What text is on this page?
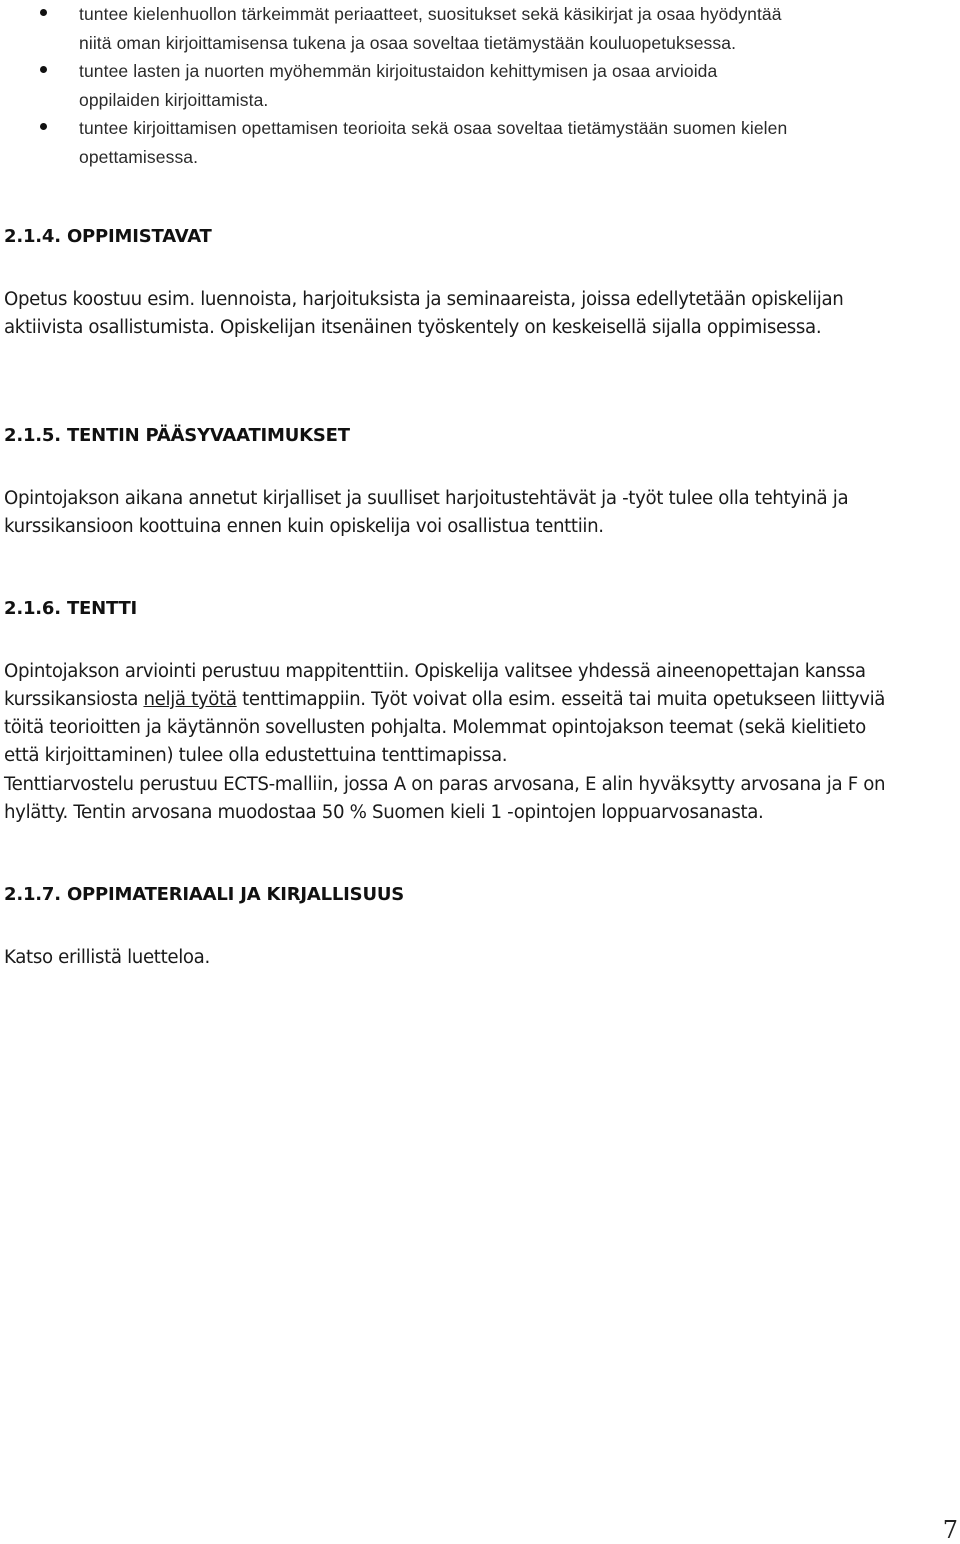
tuntee kielenhuollon tärkeimmät periaatteet, suositukset sekä käsikirjat ja osaa hyödyntää
niitä oman kirjoittamisensa tukena ja osaa soveltaa tietämystään kouluopetuksessa.
tuntee lasten ja nuorten myöhemmän kirjoitustaidon kehittymisen ja osaa arvioida
oppilaiden kirjoittamista.
tuntee kirjoittamisen opettamisen teorioita sekä osaa soveltaa tietämystään suomen kielen
opettamisessa.
2.1.4. OPPIMISTAVAT
Opetus koostuu esim. luennoista, harjoituksista ja seminaareista, joissa edellytetään opiskelijan
aktiivista osallistumista. Opiskelijan itsenäinen työskentely on keskeisellä sijalla oppimisessa.
2.1.5. TENTIN PÄÄSYVAATIMUKSET
Opintojakson aikana annetut kirjalliset ja suulliset harjoitustehtävät ja -työt tulee olla tehtyinä ja
kurssikansioon koottuina ennen kuin opiskelija voi osallistua tenttiin.
2.1.6. TENTTI
Opintojakson arviointi perustuu mappitenttiin. Opiskelija valitsee yhdessä aineenopettajan kanssa
kurssikansiosta neljä työtä tenttimappiin. Työt voivat olla esim. esseitä tai muita opetukseen liittyviä
töitä teorioitten ja käytännön sovellusten pohjalta. Molemmat opintojakson teemat (sekä kielitieto
että kirjoittaminen) tulee olla edustettuina tenttimapissa.
Tenttiarvostelu perustuu ECTS-malliin, jossa A on paras arvosana, E alin hyväksytty arvosana ja F on
hylätty. Tentin arvosana muodostaa 50 % Suomen kieli 1 -opintojen loppuarvosanasta.
2.1.7. OPPIMATERIAALI JA KIRJALLISUUS
Katso erillistä luetteloa.
7
